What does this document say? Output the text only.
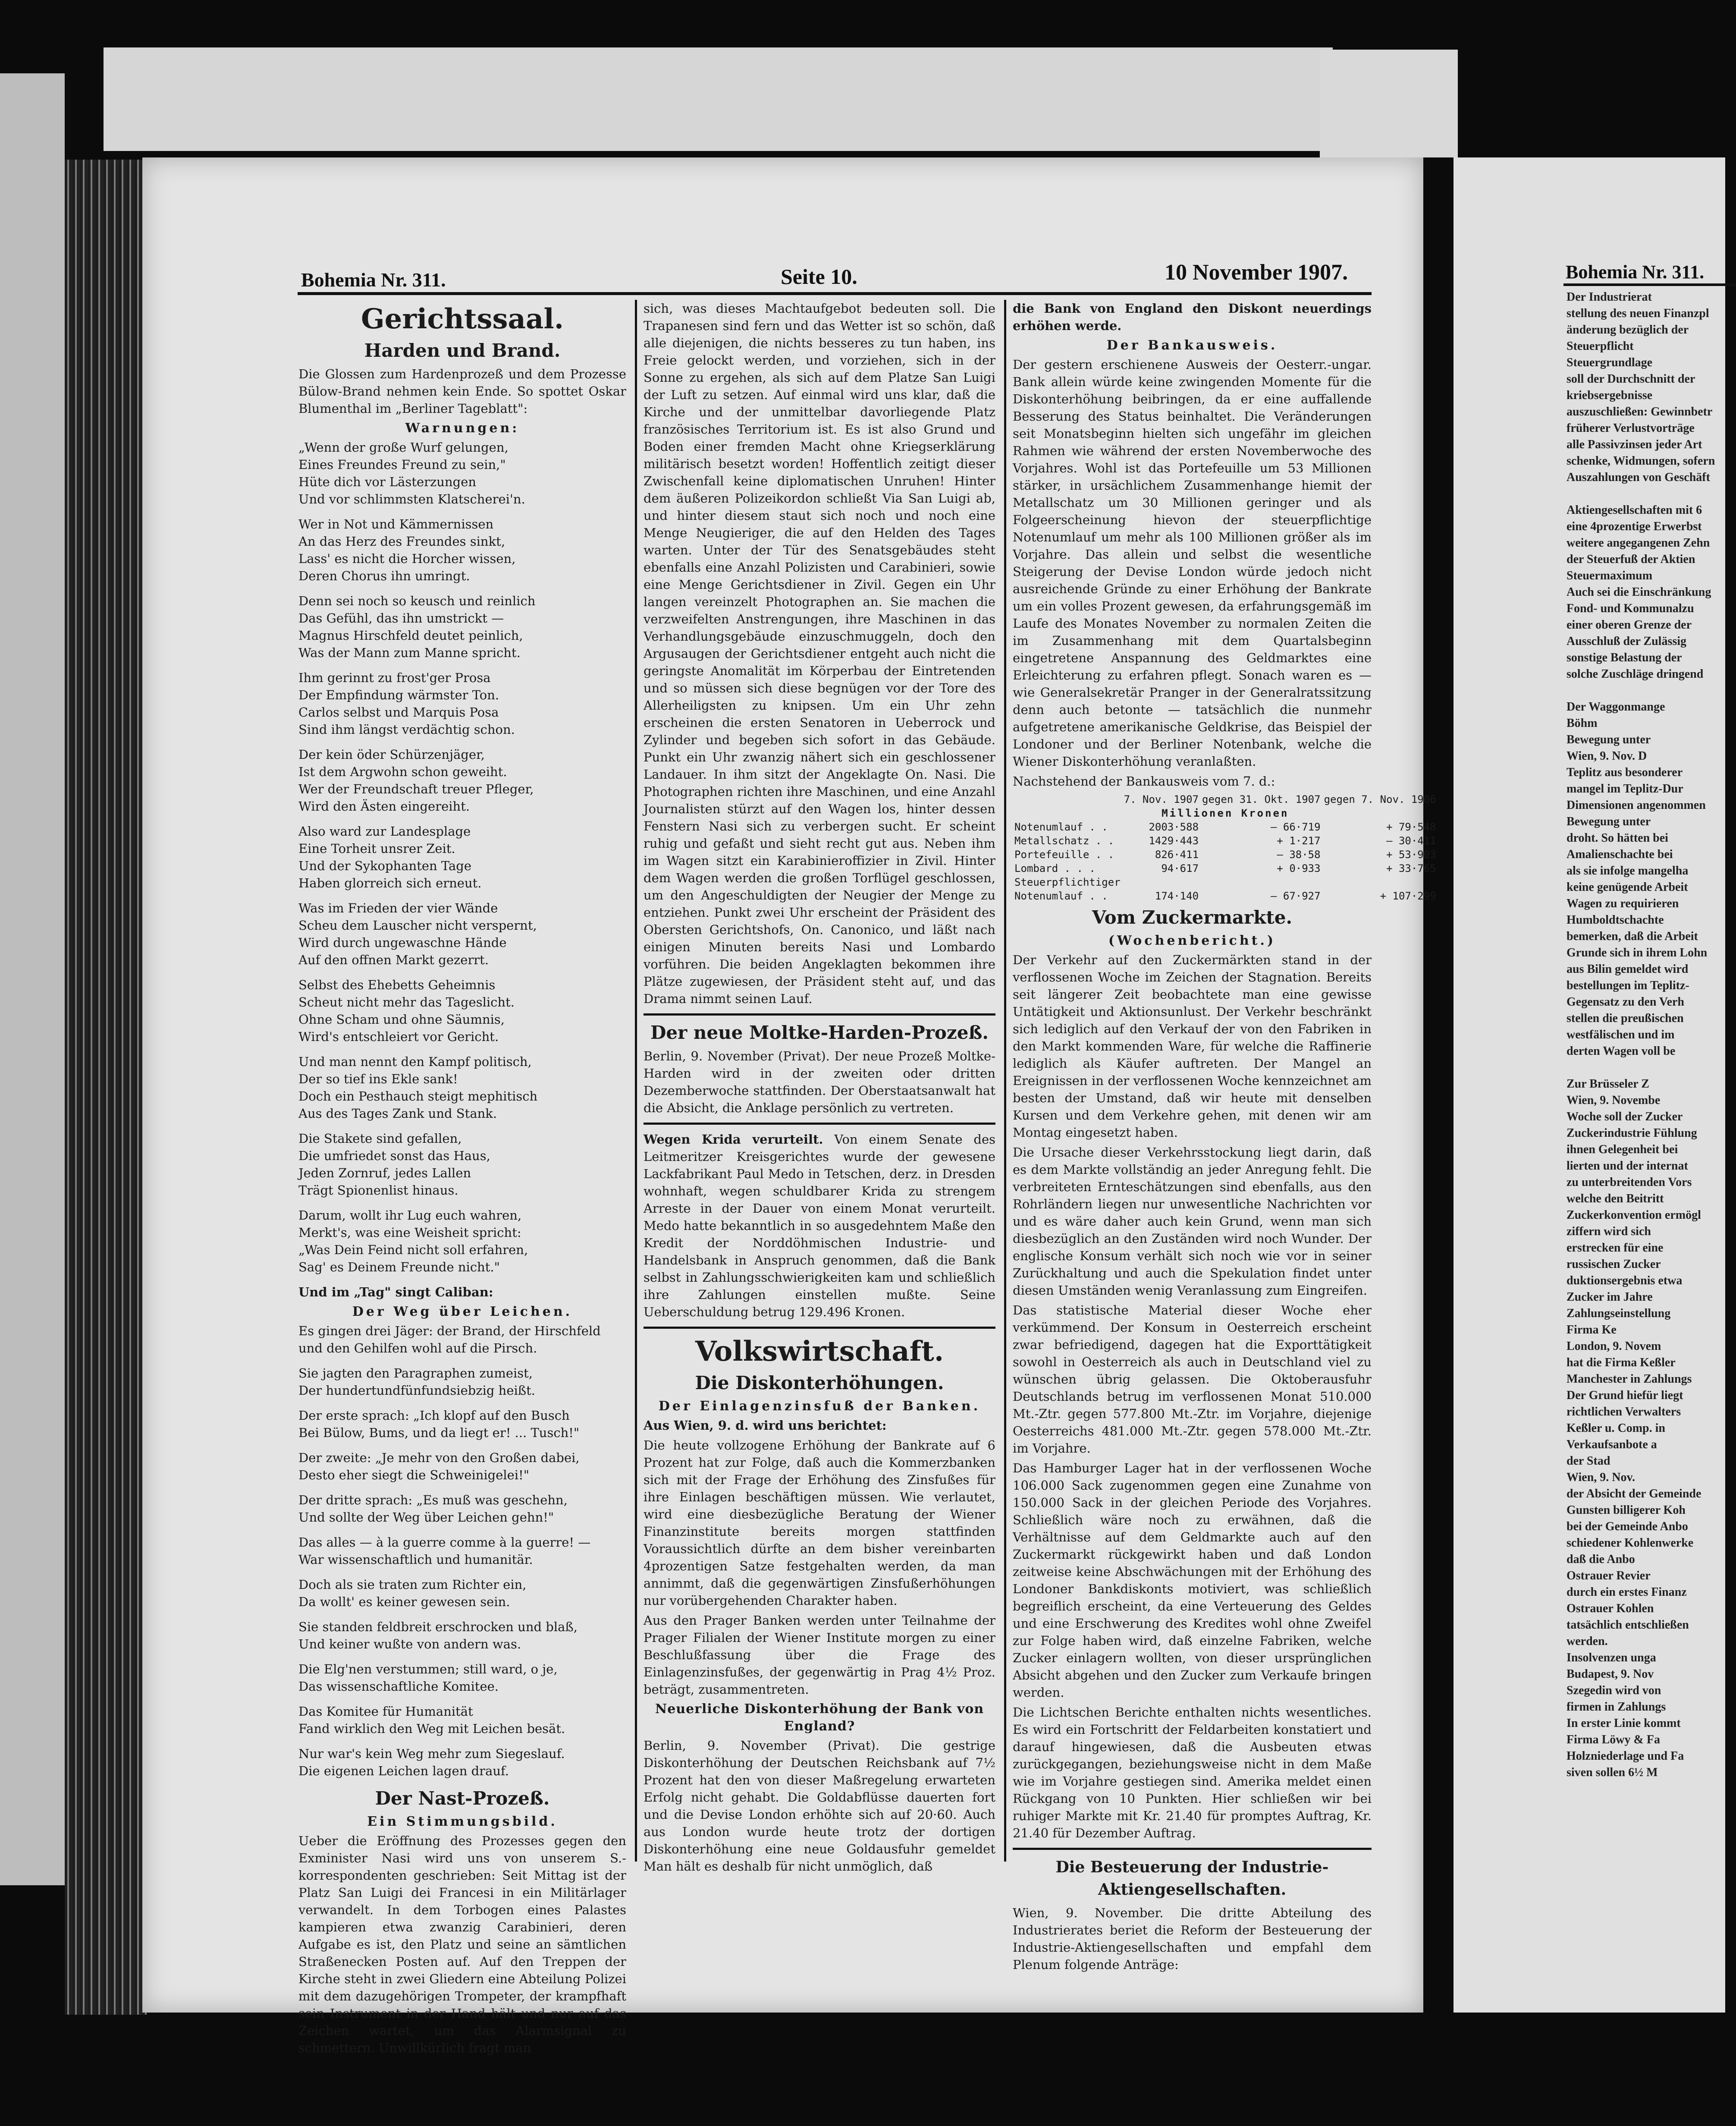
Bohemia Nr. 311.	Seite 10.	10 November 1907.
Gerichtssaal.
Harden und Brand.

Die Glossen zum Hardenprozeß und dem Prozesse Bülow-Brand nehmen kein Ende. So spottet Oskar Blumenthal im „Berliner Tageblatt":

Warnungen:
„Wenn der große Wurf gelungen,
Eines Freundes Freund zu sein,"
Hüte dich vor Lästerzungen
Und vor schlimmsten Klatscherei'n.
Wer in Not und Kämmernissen
An das Herz des Freundes sinkt,
Lass' es nicht die Horcher wissen,
Deren Chorus ihn umringt.
Denn sei noch so keusch und reinlich
Das Gefühl, das ihn umstrickt —
Magnus Hirschfeld deutet peinlich,
Was der Mann zum Manne spricht.
Ihm gerinnt zu frost'ger Prosa
Der Empfindung wärmster Ton.
Carlos selbst und Marquis Posa
Sind ihm längst verdächtig schon.
Der kein öder Schürzenjäger,
Ist dem Argwohn schon geweiht.
Wer der Freundschaft treuer Pfleger,
Wird den Ästen eingereiht.
Also ward zur Landesplage
Eine Torheit unsrer Zeit.
Und der Sykophanten Tage
Haben glorreich sich erneut.
Was im Frieden der vier Wände
Scheu dem Lauscher nicht verspernt,
Wird durch ungewaschne Hände
Auf den offnen Markt gezerrt.
Selbst des Ehebetts Geheimnis
Scheut nicht mehr das Tageslicht.
Ohne Scham und ohne Säumnis,
Wird's entschleiert vor Gericht.
Und man nennt den Kampf politisch,
Der so tief ins Ekle sank!
Doch ein Pesthauch steigt mephitisch
Aus des Tages Zank und Stank.
Die Stakete sind gefallen,
Die umfriedet sonst das Haus,
Jeden Zornruf, jedes Lallen
Trägt Spionenlist hinaus.
Darum, wollt ihr Lug euch wahren,
Merkt's, was eine Weisheit spricht:
„Was Dein Feind nicht soll erfahren,
Sag' es Deinem Freunde nicht."

Und im „Tag" singt Caliban:

Der Weg über Leichen.
Es gingen drei Jäger: der Brand, der Hirschfeld und den Gehilfen wohl auf die Pirsch.
Sie jagten den Paragraphen zumeist,
Der hundertundfünfundsiebzig heißt.
Der erste sprach: „Ich klopf auf den Busch
Bei Bülow, Bums, und da liegt er! ... Tusch!"
Der zweite: „Je mehr von den Großen dabei,
Desto eher siegt die Schweinigelei!"
Der dritte sprach: „Es muß was geschehn,
Und sollte der Weg über Leichen gehn!"
Das alles — à la guerre comme à la guerre! —
War wissenschaftlich und humanitär.
Doch als sie traten zum Richter ein,
Da wollt' es keiner gewesen sein.
Sie standen feldbreit erschrocken und blaß,
Und keiner wußte von andern was.
Die Elg'nen verstummen; still ward, o je,
Das wissenschaftliche Komitee.
Das Komitee für Humanität
Fand wirklich den Weg mit Leichen besät.
Nur war's kein Weg mehr zum Siegeslauf.
Die eigenen Leichen lagen drauf.
Der Nast-Prozeß.
Ein Stimmungsbild.

Ueber die Eröffnung des Prozesses gegen den Exminister Nasi wird uns von unserem S.-korrespondenten geschrieben: Seit Mittag ist der Platz San Luigi dei Francesi in ein Militärlager verwandelt. In dem Torbogen eines Palastes kampieren etwa zwanzig Carabinieri, deren Aufgabe es ist, den Platz und seine an sämtlichen Straßenecken Posten auf. Auf den Treppen der Kirche steht in zwei Gliedern eine Abteilung Polizei mit dem dazugehörigen Trompeter, der krampfhaft sein Instrument in der Hand hält und nur auf das Zeichen wartet, um das Alarmsignal zu schmettern. Unwillkürlich fragt man

sich, was dieses Machtaufgebot bedeuten soll. Die Trapanesen sind fern und das Wetter ist so schön, daß alle diejenigen, die nichts besseres zu tun haben, ins Freie gelockt werden, und vorziehen, sich in der Sonne zu ergehen, als sich auf dem Platze San Luigi der Luft zu setzen. Auf einmal wird uns klar, daß die Kirche und der unmittelbar davorliegende Platz französisches Territorium ist. Es ist also Grund und Boden einer fremden Macht ohne Kriegserklärung militärisch besetzt worden! Hoffentlich zeitigt dieser Zwischenfall keine diplomatischen Unruhen! Hinter dem äußeren Polizeikordon schließt Via San Luigi ab, und hinter diesem staut sich noch und noch eine Menge Neugieriger, die auf den Helden des Tages warten. Unter der Tür des Senatsgebäudes steht ebenfalls eine Anzahl Polizisten und Carabinieri, sowie eine Menge Gerichtsdiener in Zivil. Gegen ein Uhr langen vereinzelt Photographen an. Sie machen die verzweifelten Anstrengungen, ihre Maschinen in das Verhandlungsgebäude einzuschmuggeln, doch den Argusaugen der Gerichtsdiener entgeht auch nicht die geringste Anomalität im Körperbau der Eintretenden und so müssen sich diese begnügen vor der Tore des Allerheiligsten zu knipsen. Um ein Uhr zehn erscheinen die ersten Senatoren in Ueberrock und Zylinder und begeben sich sofort in das Gebäude. Punkt ein Uhr zwanzig nähert sich ein geschlossener Landauer. In ihm sitzt der Angeklagte On. Nasi. Die Photographen richten ihre Maschinen, und eine Anzahl Journalisten stürzt auf den Wagen los, hinter dessen Fenstern Nasi sich zu verbergen sucht. Er scheint ruhig und gefaßt und sieht recht gut aus. Neben ihm im Wagen sitzt ein Karabinieroffizier in Zivil. Hinter dem Wagen werden die großen Torflügel geschlossen, um den Angeschuldigten der Neugier der Menge zu entziehen. Punkt zwei Uhr erscheint der Präsident des Obersten Gerichtshofs, On. Canonico, und läßt nach einigen Minuten bereits Nasi und Lombardo vorführen. Die beiden Angeklagten bekommen ihre Plätze zugewiesen, der Präsident steht auf, und das Drama nimmt seinen Lauf.

Der neue Moltke-Harden-Prozeß.

Berlin, 9. November (Privat). Der neue Prozeß Moltke-Harden wird in der zweiten oder dritten Dezemberwoche stattfinden. Der Oberstaatsanwalt hat die Absicht, die Anklage persönlich zu vertreten.

Wegen Krida verurteilt. Von einem Senate des Leitmeritzer Kreisgerichtes wurde der gewesene Lackfabrikant Paul Medo in Tetschen, derz. in Dresden wohnhaft, wegen schuldbarer Krida zu strengem Arreste in der Dauer von einem Monat verurteilt. Medo hatte bekanntlich in so ausgedehntem Maße den Kredit der Norddöhmischen Industrie- und Handelsbank in Anspruch genommen, daß die Bank selbst in Zahlungsschwierigkeiten kam und schließlich ihre Zahlungen einstellen mußte. Seine Ueberschuldung betrug 129.496 Kronen.

Volkswirtschaft.
Die Diskonterhöhungen.
Der Einlagenzinsfuß der Banken.

Aus Wien, 9. d. wird uns berichtet:

Die heute vollzogene Erhöhung der Bankrate auf 6 Prozent hat zur Folge, daß auch die Kommerzbanken sich mit der Frage der Erhöhung des Zinsfußes für ihre Einlagen beschäftigen müssen. Wie verlautet, wird eine diesbezügliche Beratung der Wiener Finanzinstitute bereits morgen stattfinden Voraussichtlich dürfte an dem bisher vereinbarten 4prozentigen Satze festgehalten werden, da man annimmt, daß die gegenwärtigen Zinsfußerhöhungen nur vorübergehenden Charakter haben.

Aus den Prager Banken werden unter Teilnahme der Prager Filialen der Wiener Institute morgen zu einer Beschlußfassung über die Frage des Einlagenzinsfußes, der gegenwärtig in Prag 4½ Proz. beträgt, zusammentreten.

Neuerliche Diskonterhöhung der Bank von England?

Berlin, 9. November (Privat). Die gestrige Diskonterhöhung der Deutschen Reichsbank auf 7½ Prozent hat den von dieser Maßregelung erwarteten Erfolg nicht gehabt. Die Goldabflüsse dauerten fort und die Devise London erhöhte sich auf 20·60. Auch aus London wurde heute trotz der dortigen Diskonterhöhung eine neue Goldausfuhr gemeldet Man hält es deshalb für nicht unmöglich, daß

die Bank von England den Diskont neuerdings erhöhen werde.

Der Bankausweis.

Der gestern erschienene Ausweis der Oesterr.-ungar. Bank allein würde keine zwingenden Momente für die Diskonterhöhung beibringen, da er eine auffallende Besserung des Status beinhaltet. Die Veränderungen seit Monatsbeginn hielten sich ungefähr im gleichen Rahmen wie während der ersten Novemberwoche des Vorjahres. Wohl ist das Portefeuille um 53 Millionen stärker, in ursächlichem Zusammenhange hiemit der Metallschatz um 30 Millionen geringer und als Folgeerscheinung hievon der steuerpflichtige Notenumlauf um mehr als 100 Millionen größer als im Vorjahre. Das allein und selbst die wesentliche Steigerung der Devise London würde jedoch nicht ausreichende Gründe zu einer Erhöhung der Bankrate um ein volles Prozent gewesen, da erfahrungsgemäß im Laufe des Monates November zu normalen Zeiten die im Zusammenhang mit dem Quartalsbeginn eingetretene Anspannung des Geldmarktes eine Erleichterung zu erfahren pflegt. Sonach waren es — wie Generalsekretär Pranger in der Generalratssitzung denn auch betonte — tatsächlich die nunmehr aufgetretene amerikanische Geldkrise, das Beispiel der Londoner und der Berliner Notenbank, welche die Wiener Diskonterhöhung veranlaßten.

Nachstehend der Bankausweis vom 7. d.:

	7. Nov. 1907	gegen 31. Okt. 1907	gegen 7. Nov. 1906
Millionen Kronen			
Notenumlauf . .	2003·588	— 66·719	+ 79·548
Metallschatz . .	1429·443	+ 1·217	— 30·411
Portefeuille . .	826·411	— 38·58	+ 53·903
Lombard . . .	94·617	+ 0·933	+ 33·765
Steuerpflichtiger			
Notenumlauf . .	174·140	— 67·927	+ 107·299
Vom Zuckermarkte.
(Wochenbericht.)

Der Verkehr auf den Zuckermärkten stand in der verflossenen Woche im Zeichen der Stagnation. Bereits seit längerer Zeit beobachtete man eine gewisse Untätigkeit und Aktionsunlust. Der Verkehr beschränkt sich lediglich auf den Verkauf der von den Fabriken in den Markt kommenden Ware, für welche die Raffinerie lediglich als Käufer auftreten. Der Mangel an Ereignissen in der verflossenen Woche kennzeichnet am besten der Umstand, daß wir heute mit denselben Kursen und dem Verkehre gehen, mit denen wir am Montag eingesetzt haben.

Die Ursache dieser Verkehrsstockung liegt darin, daß es dem Markte vollständig an jeder Anregung fehlt. Die verbreiteten Ernteschätzungen sind ebenfalls, aus den Rohrländern liegen nur unwesentliche Nachrichten vor und es wäre daher auch kein Grund, wenn man sich diesbezüglich an den Zuständen wird noch Wunder. Der englische Konsum verhält sich noch wie vor in seiner Zurückhaltung und auch die Spekulation findet unter diesen Umständen wenig Veranlassung zum Eingreifen.

Das statistische Material dieser Woche eher verkümmend. Der Konsum in Oesterreich erscheint zwar befriedigend, dagegen hat die Exporttätigkeit sowohl in Oesterreich als auch in Deutschland viel zu wünschen übrig gelassen. Die Oktoberausfuhr Deutschlands betrug im verflossenen Monat 510.000 Mt.-Ztr. gegen 577.800 Mt.-Ztr. im Vorjahre, diejenige Oesterreichs 481.000 Mt.-Ztr. gegen 578.000 Mt.-Ztr. im Vorjahre.

Das Hamburger Lager hat in der verflossenen Woche 106.000 Sack zugenommen gegen eine Zunahme von 150.000 Sack in der gleichen Periode des Vorjahres. Schließlich wäre noch zu erwähnen, daß die Verhältnisse auf dem Geldmarkte auch auf den Zuckermarkt rückgewirkt haben und daß London zeitweise keine Abschwächungen mit der Erhöhung des Londoner Bankdiskonts motiviert, was schließlich begreiflich erscheint, da eine Verteuerung des Geldes und eine Erschwerung des Kredites wohl ohne Zweifel zur Folge haben wird, daß einzelne Fabriken, welche Zucker einlagern wollten, von dieser ursprünglichen Absicht abgehen und den Zucker zum Verkaufe bringen werden.

Die Lichtschen Berichte enthalten nichts wesentliches. Es wird ein Fortschritt der Feldarbeiten konstatiert und darauf hingewiesen, daß die Ausbeuten etwas zurückgegangen, beziehungsweise nicht in dem Maße wie im Vorjahre gestiegen sind. Amerika meldet einen Rückgang von 10 Punkten. Hier schließen wir bei ruhiger Markte mit Kr. 21.40 für promptes Auftrag, Kr. 21.40 für Dezember Auftrag.

Die Besteuerung der Industrie-Aktiengesellschaften.

Wien, 9. November. Die dritte Abteilung des Industrierates beriet die Reform der Besteuerung der Industrie-Aktiengesellschaften und empfahl dem Plenum folgende Anträge:

Bohemia Nr. 311.
Der Industrierat
stellung des neuen Finanzpl
änderung bezüglich der
Steuerpflicht
Steuergrundlage
soll der Durchschnitt der
kriebsergebnisse
auszuschließen: Gewinnbetr
früherer Verlustvorträge
alle Passivzinsen jeder Art
schenke, Widmungen, sofern
Auszahlungen von Geschäft

Aktiengesellschaften mit 6
eine 4prozentige Erwerbst
weitere angegangenen Zehn
der Steuerfuß der Aktien
Steuermaximum
Auch sei die Einschränkung
Fond- und Kommunalzu
einer oberen Grenze der
Ausschluß der Zulässig
sonstige Belastung der
solche Zuschläge dringend

Der Waggonmange
Böhm
Bewegung unter
Wien, 9. Nov. D
Teplitz aus besonderer
mangel im Teplitz-Dur
Dimensionen angenommen
Bewegung unter
droht. So hätten bei
Amalienschachte bei
als sie infolge mangelha
keine genügende Arbeit
Wagen zu requirieren
Humboldtschachte
bemerken, daß die Arbeit
Grunde sich in ihrem Lohn
aus Bilin gemeldet wird
bestellungen im Teplitz-
Gegensatz zu den Verh
stellen die preußischen
westfälischen und im
derten Wagen voll be

Zur Brüsseler Z
Wien, 9. Novembe
Woche soll der Zucker
Zuckerindustrie Fühlung
ihnen Gelegenheit bei
lierten und der internat
zu unterbreitenden Vors
welche den Beitritt
Zuckerkonvention ermögl
ziffern wird sich
erstrecken für eine
russischen Zucker
duktionsergebnis etwa
Zucker im Jahre
Zahlungseinstellung
Firma Ke
London, 9. Novem
hat die Firma Keßler
Manchester in Zahlungs
Der Grund hiefür liegt
richtlichen Verwalters
Keßler u. Comp. in
Verkaufsanbote a
der Stad
Wien, 9. Nov.
der Absicht der Gemeinde
Gunsten billigerer Koh
bei der Gemeinde Anbo
schiedener Kohlenwerke
daß die Anbo
Ostrauer Revier
durch ein erstes Finanz
Ostrauer Kohlen
tatsächlich entschließen
werden.
Insolvenzen unga
Budapest, 9. Nov
Szegedin wird von
firmen in Zahlungs
In erster Linie kommt
Firma Löwy & Fa
Holzniederlage und Fa
siven sollen 6½ M
